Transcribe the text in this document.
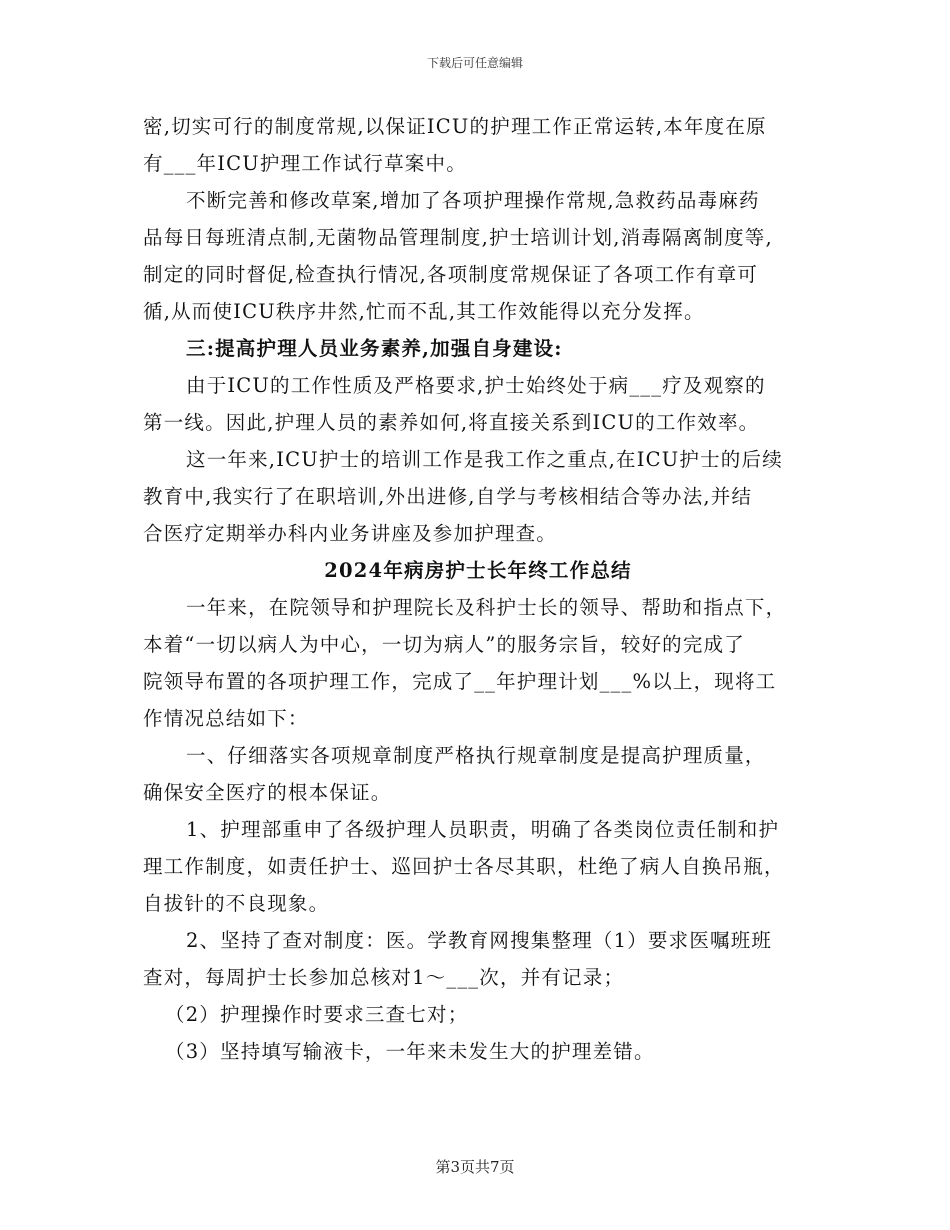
下载后可任意编辑
密,切实可行的制度常规,以保证ICU的护理工作正常运转,本年度在原
有___年ICU护理工作试行草案中。
不断完善和修改草案,增加了各项护理操作常规,急救药品毒麻药
品每日每班清点制,无菌物品管理制度,护士培训计划,消毒隔离制度等,
制定的同时督促,检查执行情况,各项制度常规保证了各项工作有章可
循,从而使ICU秩序井然,忙而不乱,其工作效能得以充分发挥。
三:提高护理人员业务素养,加强自身建设:
由于ICU的工作性质及严格要求,护士始终处于病___疗及观察的
第一线。因此,护理人员的素养如何,将直接关系到ICU的工作效率。
这一年来,ICU护士的培训工作是我工作之重点,在ICU护士的后续
教育中,我实行了在职培训,外出进修,自学与考核相结合等办法,并结
合医疗定期举办科内业务讲座及参加护理查。
2024年病房护士长年终工作总结
一年来，在院领导和护理院长及科护士长的领导、帮助和指点下，
本着“一切以病人为中心，一切为病人”的服务宗旨，较好的完成了
院领导布置的各项护理工作，完成了__年护理计划___%以上，现将工
作情况总结如下：
一、仔细落实各项规章制度严格执行规章制度是提高护理质量，
确保安全医疗的根本保证。
1、护理部重申了各级护理人员职责，明确了各类岗位责任制和护
理工作制度，如责任护士、巡回护士各尽其职，杜绝了病人自换吊瓶，
自拔针的不良现象。
2、坚持了查对制度：医。学教育网搜集整理（1）要求医嘱班班
查对，每周护士长参加总核对1～___次，并有记录；
（2）护理操作时要求三查七对；
（3）坚持填写输液卡，一年来未发生大的护理差错。
第3页共7页
